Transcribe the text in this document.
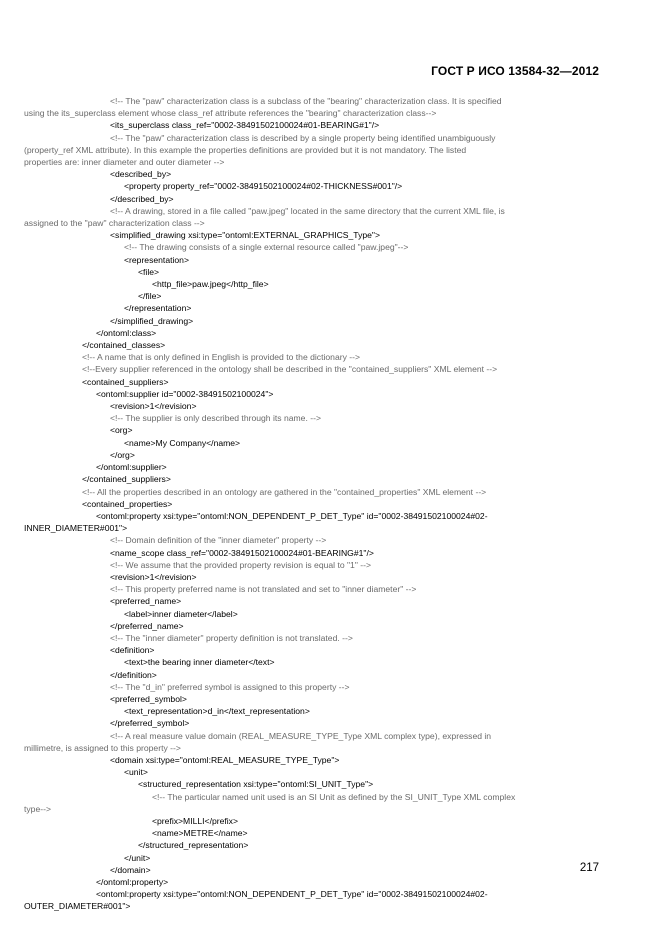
ГОСТ Р ИСО 13584-32—2012
<!-- The "paw" characterization class is a subclass of the "bearing" characterization class. It is specified
using the its_superclass element whose class_ref attribute references the "bearing" characterization class-->
<its_superclass class_ref="0002-38491502100024#01-BEARING#1"/>
<!-- The "paw" characterization class is described by a single property being identified unambiguously
(property_ref XML attribute). In this example the properties definitions are provided but it is not mandatory. The listed
properties are: inner diameter and outer diameter -->
<described_by>
<property property_ref="0002-38491502100024#02-THICKNESS#001"/>
</described_by>
<!-- A drawing, stored in a file called "paw.jpeg" located in the same directory that the current XML file, is
assigned to the "paw" characterization class -->
<simplified_drawing xsi:type="ontoml:EXTERNAL_GRAPHICS_Type">
<!-- The drawing consists of a single external resource called "paw.jpeg"-->
<representation>
<file>
<http_file>paw.jpeg</http_file>
</file>
</representation>
</simplified_drawing>
</ontoml:class>
</contained_classes>
<!-- A name that is only defined in English is provided to the dictionary -->
<!--Every supplier referenced in the ontology shall be described in the "contained_suppliers" XML element -->
<contained_suppliers>
<ontoml:supplier id="0002-38491502100024">
<revision>1</revision>
<!-- The supplier is only described through its name. -->
<org>
<name>My Company</name>
</org>
</ontoml:supplier>
</contained_suppliers>
<!-- All the properties described in an ontology are gathered in the "contained_properties" XML element -->
<contained_properties>
<ontoml:property xsi:type="ontoml:NON_DEPENDENT_P_DET_Type" id="0002-38491502100024#02-
INNER_DIAMETER#001">
<!-- Domain definition of the "inner diameter" property -->
<name_scope class_ref="0002-38491502100024#01-BEARING#1"/>
<!-- We assume that the provided property revision is equal to "1" -->
<revision>1</revision>
<!-- This property preferred name is not translated and set to "inner diameter" -->
<preferred_name>
<label>inner diameter</label>
</preferred_name>
<!-- The "inner diameter" property definition is not translated. -->
<definition>
<text>the bearing inner diameter</text>
</definition>
<!-- The "d_in" preferred symbol is assigned to this property -->
<preferred_symbol>
<text_representation>d_in</text_representation>
</preferred_symbol>
<!-- A real measure value domain (REAL_MEASURE_TYPE_Type XML complex type), expressed in
millimetre, is assigned to this property -->
<domain xsi:type="ontoml:REAL_MEASURE_TYPE_Type">
<unit>
<structured_representation xsi:type="ontoml:SI_UNIT_Type">
<!-- The particular named unit used is an SI Unit as defined by the SI_UNIT_Type XML complex
type-->
<prefix>MILLI</prefix>
<name>METRE</name>
</structured_representation>
</unit>
</domain>
</ontoml:property>
<ontoml:property xsi:type="ontoml:NON_DEPENDENT_P_DET_Type" id="0002-38491502100024#02-
OUTER_DIAMETER#001">
217
